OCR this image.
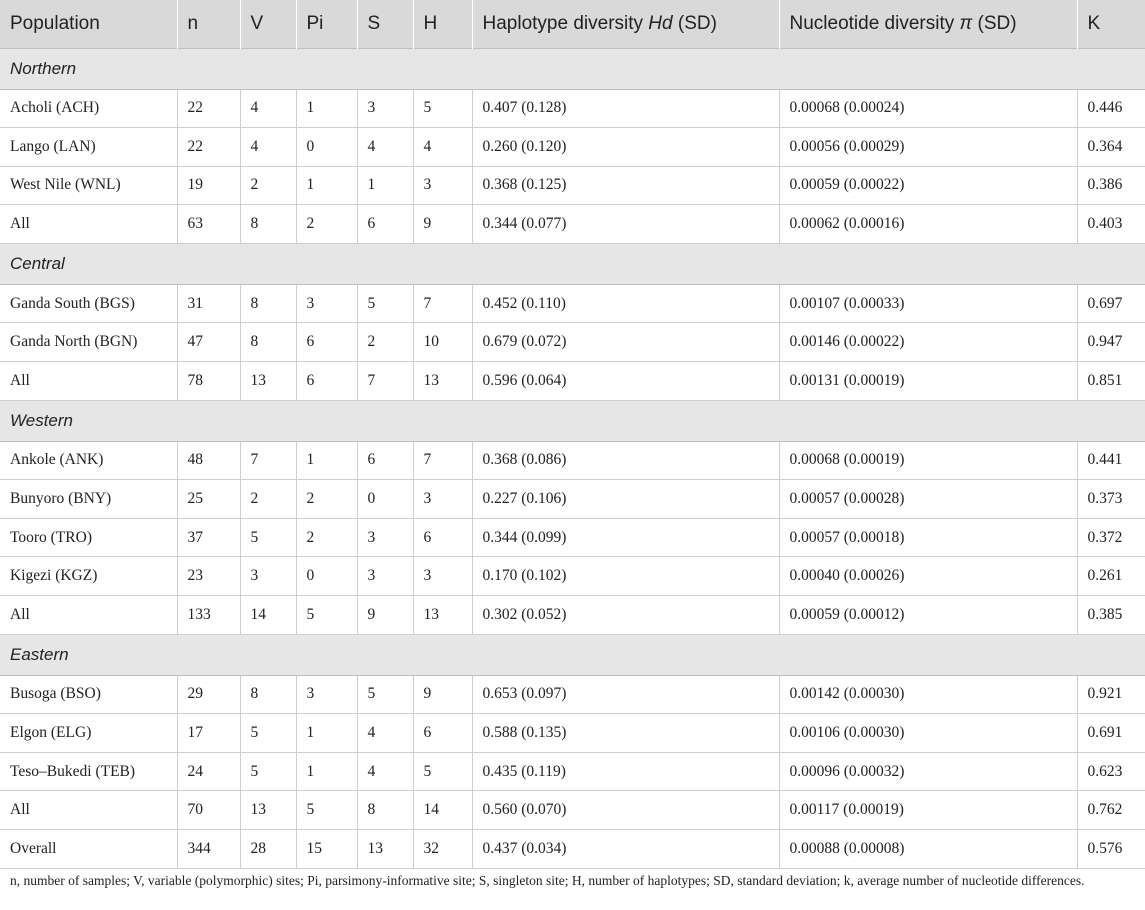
Population	n	V	Pi	S	H	Haplotype diversity Hd (SD)	Nucleotide diversity π (SD)	K
Northern								
Acholi (ACH)	22	4	1	3	5	0.407 (0.128)	0.00068 (0.00024)	0.446
Lango (LAN)	22	4	0	4	4	0.260 (0.120)	0.00056 (0.00029)	0.364
West Nile (WNL)	19	2	1	1	3	0.368 (0.125)	0.00059 (0.00022)	0.386
All	63	8	2	6	9	0.344 (0.077)	0.00062 (0.00016)	0.403
Central								
Ganda South (BGS)	31	8	3	5	7	0.452 (0.110)	0.00107 (0.00033)	0.697
Ganda North (BGN)	47	8	6	2	10	0.679 (0.072)	0.00146 (0.00022)	0.947
All	78	13	6	7	13	0.596 (0.064)	0.00131 (0.00019)	0.851
Western								
Ankole (ANK)	48	7	1	6	7	0.368 (0.086)	0.00068 (0.00019)	0.441
Bunyoro (BNY)	25	2	2	0	3	0.227 (0.106)	0.00057 (0.00028)	0.373
Tooro (TRO)	37	5	2	3	6	0.344 (0.099)	0.00057 (0.00018)	0.372
Kigezi (KGZ)	23	3	0	3	3	0.170 (0.102)	0.00040 (0.00026)	0.261
All	133	14	5	9	13	0.302 (0.052)	0.00059 (0.00012)	0.385
Eastern								
Busoga (BSO)	29	8	3	5	9	0.653 (0.097)	0.00142 (0.00030)	0.921
Elgon (ELG)	17	5	1	4	6	0.588 (0.135)	0.00106 (0.00030)	0.691
Teso–Bukedi (TEB)	24	5	1	4	5	0.435 (0.119)	0.00096 (0.00032)	0.623
All	70	13	5	8	14	0.560 (0.070)	0.00117 (0.00019)	0.762
Overall	344	28	15	13	32	0.437 (0.034)	0.00088 (0.00008)	0.576
n, number of samples; V, variable (polymorphic) sites; Pi, parsimony-informative site; S, singleton site; H, number of haplotypes; SD, standard deviation; k, average number of nucleotide differences.
